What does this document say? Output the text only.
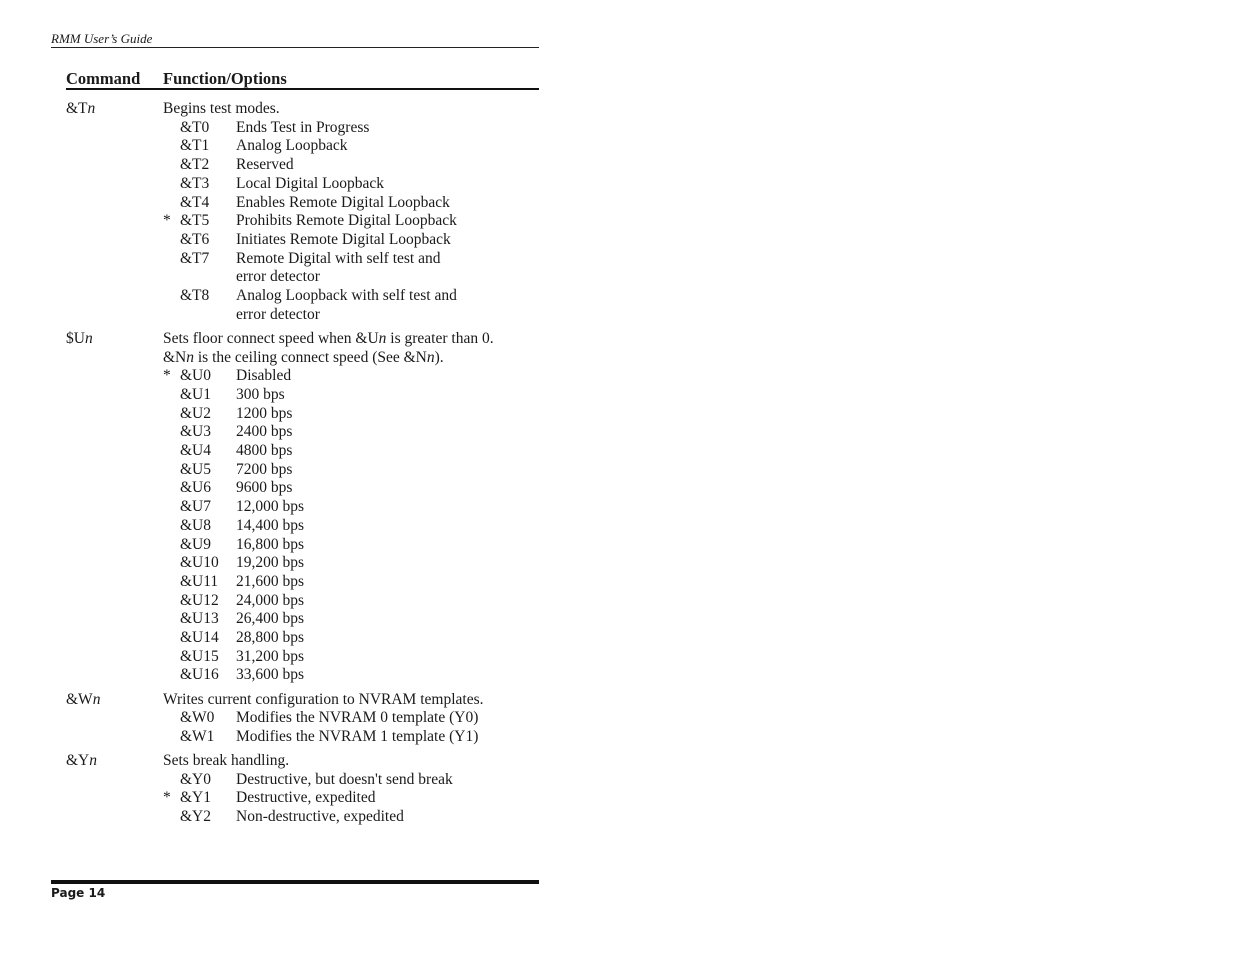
RMM User’s Guide
Command Function/Options
&Tn	Begins test modes.
&T0 Ends Test in Progress
&T1 Analog Loopback
&T2 Reserved
&T3 Local Digital Loopback
&T4 Enables Remote Digital Loopback
* &T5 Prohibits Remote Digital Loopback
&T6 Initiates Remote Digital Loopback
&T7 Remote Digital with self test and
error detector
&T8 Analog Loopback with self test and
error detector
$Un	Sets floor connect speed when &Un is greater than 0.
&Nn is the ceiling connect speed (See &Nn).
* &U0 Disabled
&U1 300 bps
&U2 1200 bps
&U3 2400 bps
&U4 4800 bps
&U5 7200 bps
&U6 9600 bps
&U7 12,000 bps
&U8 14,400 bps
&U9 16,800 bps
&U10 19,200 bps
&U11 21,600 bps
&U12 24,000 bps
&U13 26,400 bps
&U14 28,800 bps
&U15 31,200 bps
&U16 33,600 bps
&Wn	Writes current configuration to NVRAM templates.
&W0 Modifies the NVRAM 0 template (Y0)
&W1 Modifies the NVRAM 1 template (Y1)
&Yn	Sets break handling.
&Y0 Destructive, but doesn't send break
* &Y1 Destructive, expedited
&Y2 Non-destructive, expedited
Page 14
